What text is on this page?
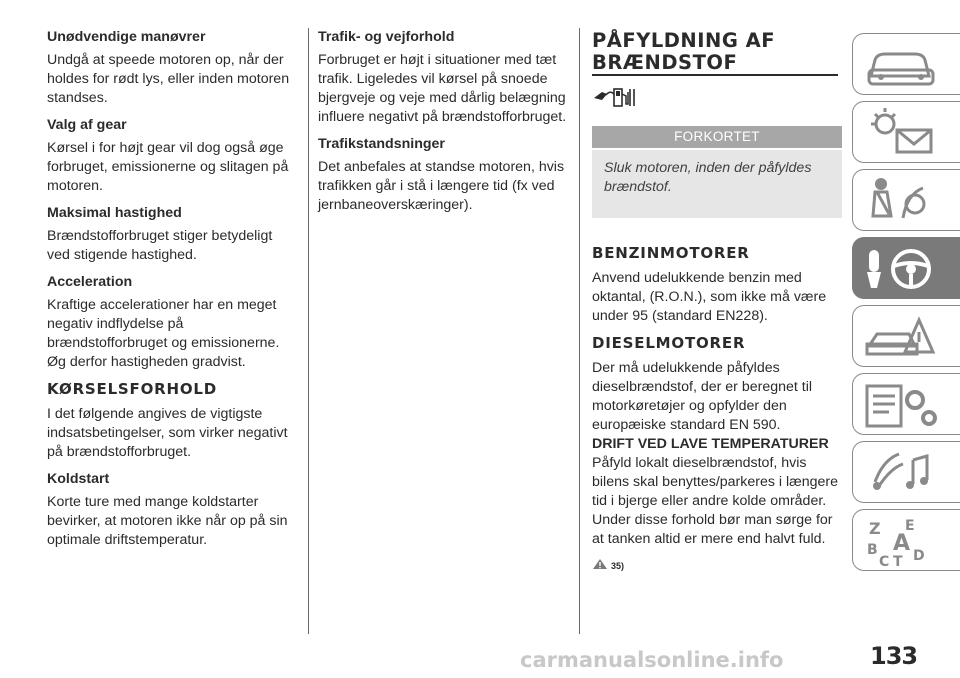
Unødvendige manøvrer
Undgå at speede motoren op, når der holdes for rødt lys, eller inden motoren standses.
Valg af gear
Kørsel i for højt gear vil dog også øge forbruget, emissionerne og slitagen på motoren.
Maksimal hastighed
Brændstofforbruget stiger betydeligt ved stigende hastighed.
Acceleration
Kraftige accelerationer har en meget negativ indflydelse på brændstofforbruget og emissionerne. Øg derfor hastigheden gradvist.
KØRSELSFORHOLD
I det følgende angives de vigtigste indsatsbetingelser, som virker negativt på brændstofforbruget.
Koldstart
Korte ture med mange koldstarter bevirker, at motoren ikke når op på sin optimale driftstemperatur.
Trafik- og vejforhold
Forbruget er højt i situationer med tæt trafik. Ligeledes vil kørsel på snoede bjergveje og veje med dårlig belægning influere negativt på brændstofforbruget.
Trafikstandsninger
Det anbefales at standse motoren, hvis trafikken går i stå i længere tid (fx ved jernbaneoverskæringer).
PÅFYLDNING AF
BRÆNDSTOF
FORKORTET
Sluk motoren, inden der påfyldes brændstof.
BENZINMOTORER
Anvend udelukkende benzin med oktantal, (R.O.N.), som ikke må være under 95 (standard EN228).
DIESELMOTORER
Der må udelukkende påfyldes dieselbrændstof, der er beregnet til motorkøretøjer og opfylder den europæiske standard EN 590.
DRIFT VED LAVE TEMPERATURER
Påfyld lokalt dieselbrændstof, hvis bilens skal benyttes/parkeres i længere tid i bjerge eller andre kolde områder. Under disse forhold bør man sørge for at tanken altid er mere end halvt fuld.
35)
Z E
B A
C T D
carmanualsonline.info	133
